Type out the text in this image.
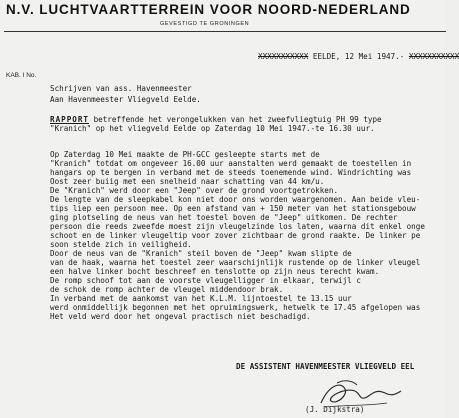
N.V. LUCHTVAARTTERREIN VOOR NOORD-NEDERLAND
GEVESTIGD TE GRONINGEN
XXXXXXXXXXX EELDE, 12 Mei 1947.- XXXXXXXXXXX
KAB. I No.
Schrijven van ass. Havenmeester
Aan Havenmeester Vliegveld Eelde.
RAPPORT betreffende het verongelukken van het zweefvliegtuig PH 99 type
"Kranich" op het vliegveld Eelde op Zaterdag 10 Mei 1947.-te 16.30 uur.
Op Zaterdag 10 Mei maakte de PH-GCC gesleepte starts met de
"Kranich" totdat om ongeveer 16.00 uur aanstalten werd gemaakt de toestellen in
hangars op te bergen in verband met de steeds toenemende wind. Windrichting was
Oost zeer buiig met een snelheid naar schatting van 44 km/u.
De "Kranich" werd door een "Jeep" over de grond voortgetrokken.
De lengte van de sleepkabel kon niet door ons worden waargenomen. Aan beide vleu-
tips liep een persoon mee. Op een afstand van + 150 meter van het stationsgebouw
ging plotseling de neus van het toestel boven de "Jeep" uitkomen. De rechter
persoon die reeds zweefde moest zijn vleugelzinde los laten, waarna dit enkel onge
schoot en de linker vleugeltip voor zover zichtbaar de grond raakte. De linker pe
soon stelde zich in veiligheid.
Door de neus van de "Kranich" steil boven de "Jeep" kwam slipte de
van de haak, waarna het toestel zeer waarschijnlijk rustende op de linker vleugel
een halve linker bocht beschreef en tenslotte op zijn neus terecht kwam.
De romp schoof tot aan de voorste vleugelligger in elkaar, terwijl c
de schok de romp achter de vleugel middendoor brak.
In verband met de aankomst van het K.L.M. lijntoestel te 13.15 uur
werd onmiddellijk begonnen met het opruimingswerk, hetwelk te 17.45 afgelopen was
Het veld werd door het ongeval practisch niet beschadigd.
DE ASSISTENT HAVENMEESTER VLIEGVELD EEL
(J. Dijkstra)
